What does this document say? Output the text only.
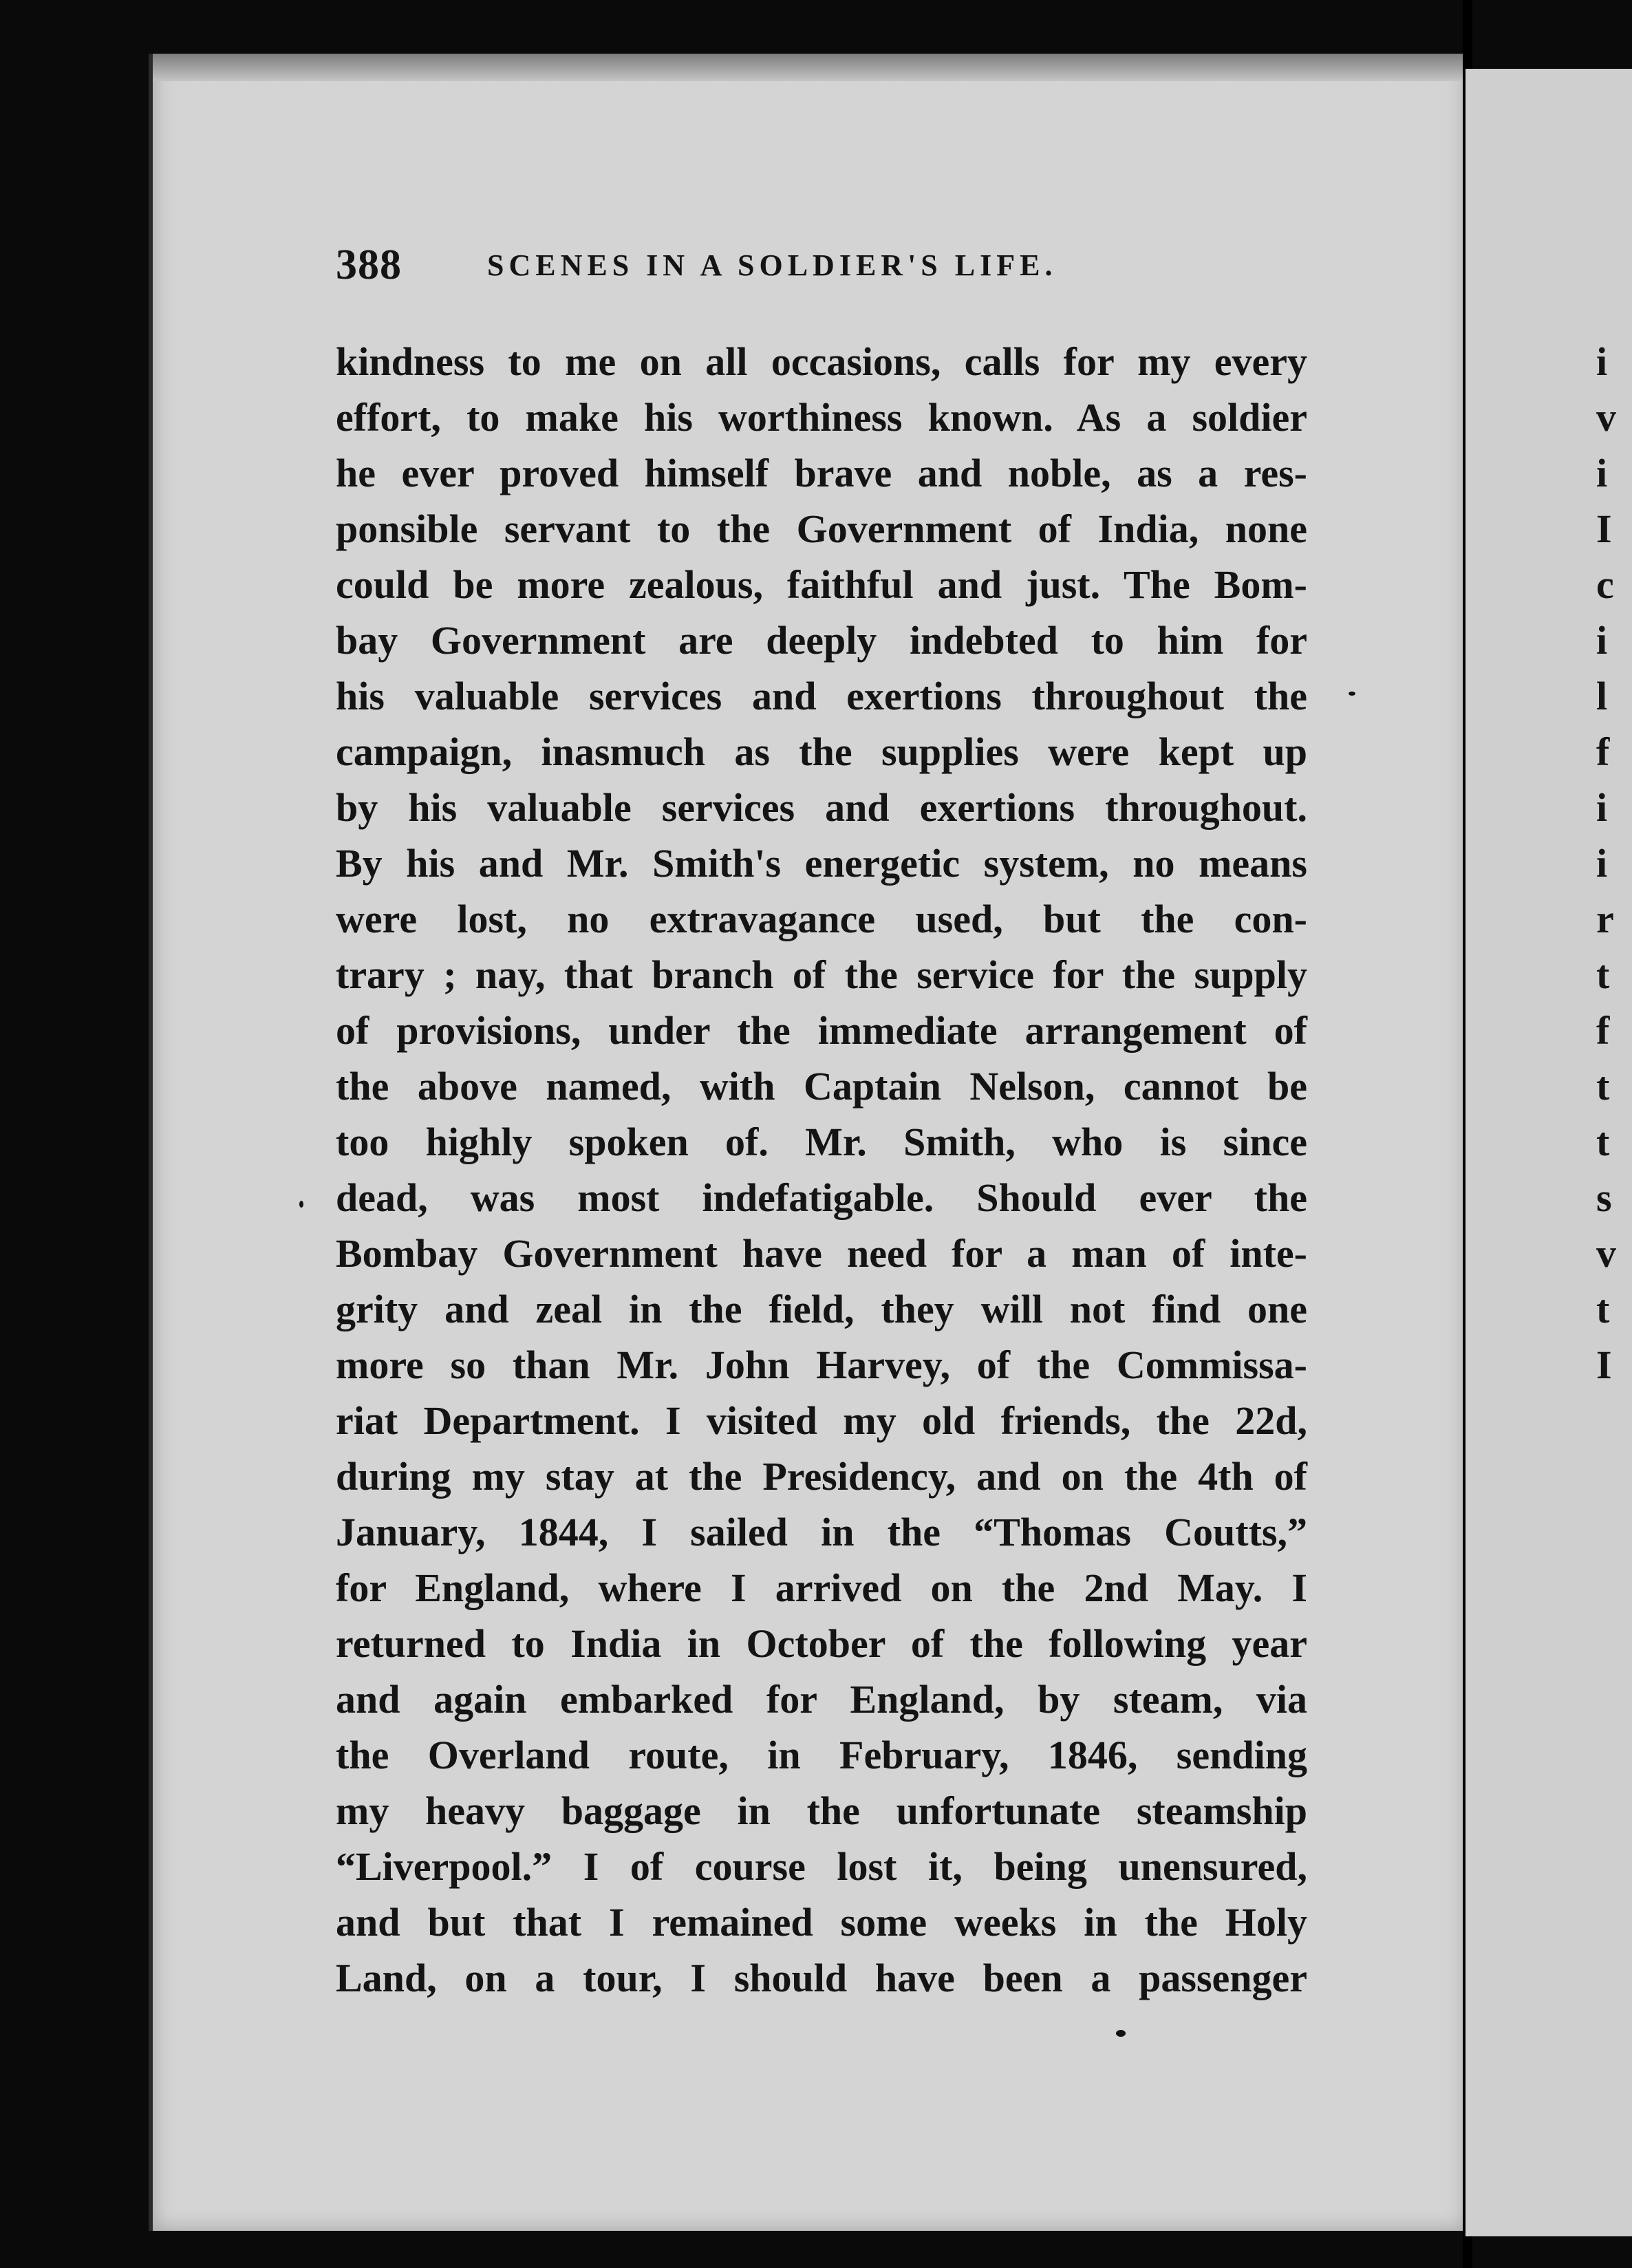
388	SCENES IN A SOLDIER'S LIFE.
kindness to me on all occasions, calls for my every
effort, to make his worthiness known. As a soldier
he ever proved himself brave and noble, as a res-
ponsible servant to the Government of India, none
could be more zealous, faithful and just. The Bom-
bay Government are deeply indebted to him for
his valuable services and exertions throughout the
campaign, inasmuch as the supplies were kept up
by his valuable services and exertions throughout.
By his and Mr. Smith's energetic system, no means
were lost, no extravagance used, but the con-
trary ; nay, that branch of the service for the supply
of provisions, under the immediate arrangement of
the above named, with Captain Nelson, cannot be
too highly spoken of. Mr. Smith, who is since
dead, was most indefatigable. Should ever the
Bombay Government have need for a man of inte-
grity and zeal in the field, they will not find one
more so than Mr. John Harvey, of the Commissa-
riat Department. I visited my old friends, the 22d,
during my stay at the Presidency, and on the 4th of
January, 1844, I sailed in the “Thomas Coutts,”
for England, where I arrived on the 2nd May. I
returned to India in October of the following year
and again embarked for England, by steam, via
the Overland route, in February, 1846, sending
my heavy baggage in the unfortunate steamship
“Liverpool.” I of course lost it, being unensured,
and but that I remained some weeks in the Holy
Land, on a tour, I should have been a passenger
i
v
i
I
c
i
l
f
i
i
r
t
f
t
t
s
v
t
I
